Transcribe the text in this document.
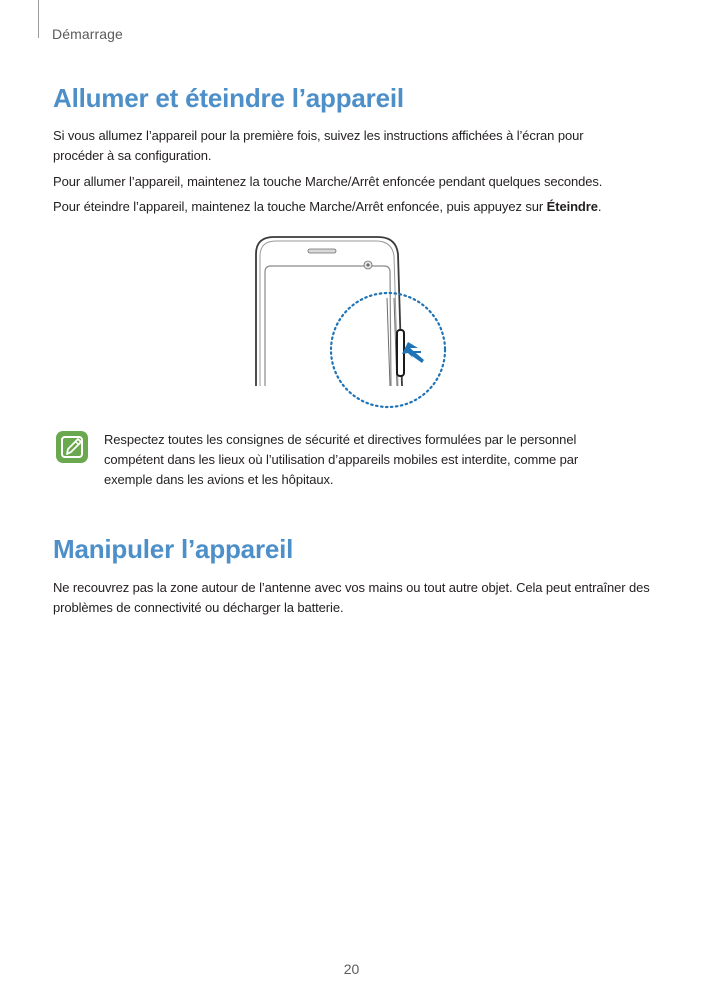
Démarrage
Allumer et éteindre l’appareil

Si vous allumez l’appareil pour la première fois, suivez les instructions affichées à l’écran pour procéder à sa configuration.

Pour allumer l’appareil, maintenez la touche Marche/Arrêt enfoncée pendant quelques secondes.

Pour éteindre l’appareil, maintenez la touche Marche/Arrêt enfoncée, puis appuyez sur Éteindre.

Respectez toutes les consignes de sécurité et directives formulées par le personnel compétent dans les lieux où l’utilisation d’appareils mobiles est interdite, comme par exemple dans les avions et les hôpitaux.

Manipuler l’appareil

Ne recouvrez pas la zone autour de l’antenne avec vos mains ou tout autre objet. Cela peut entraîner des problèmes de connectivité ou décharger la batterie.

20
